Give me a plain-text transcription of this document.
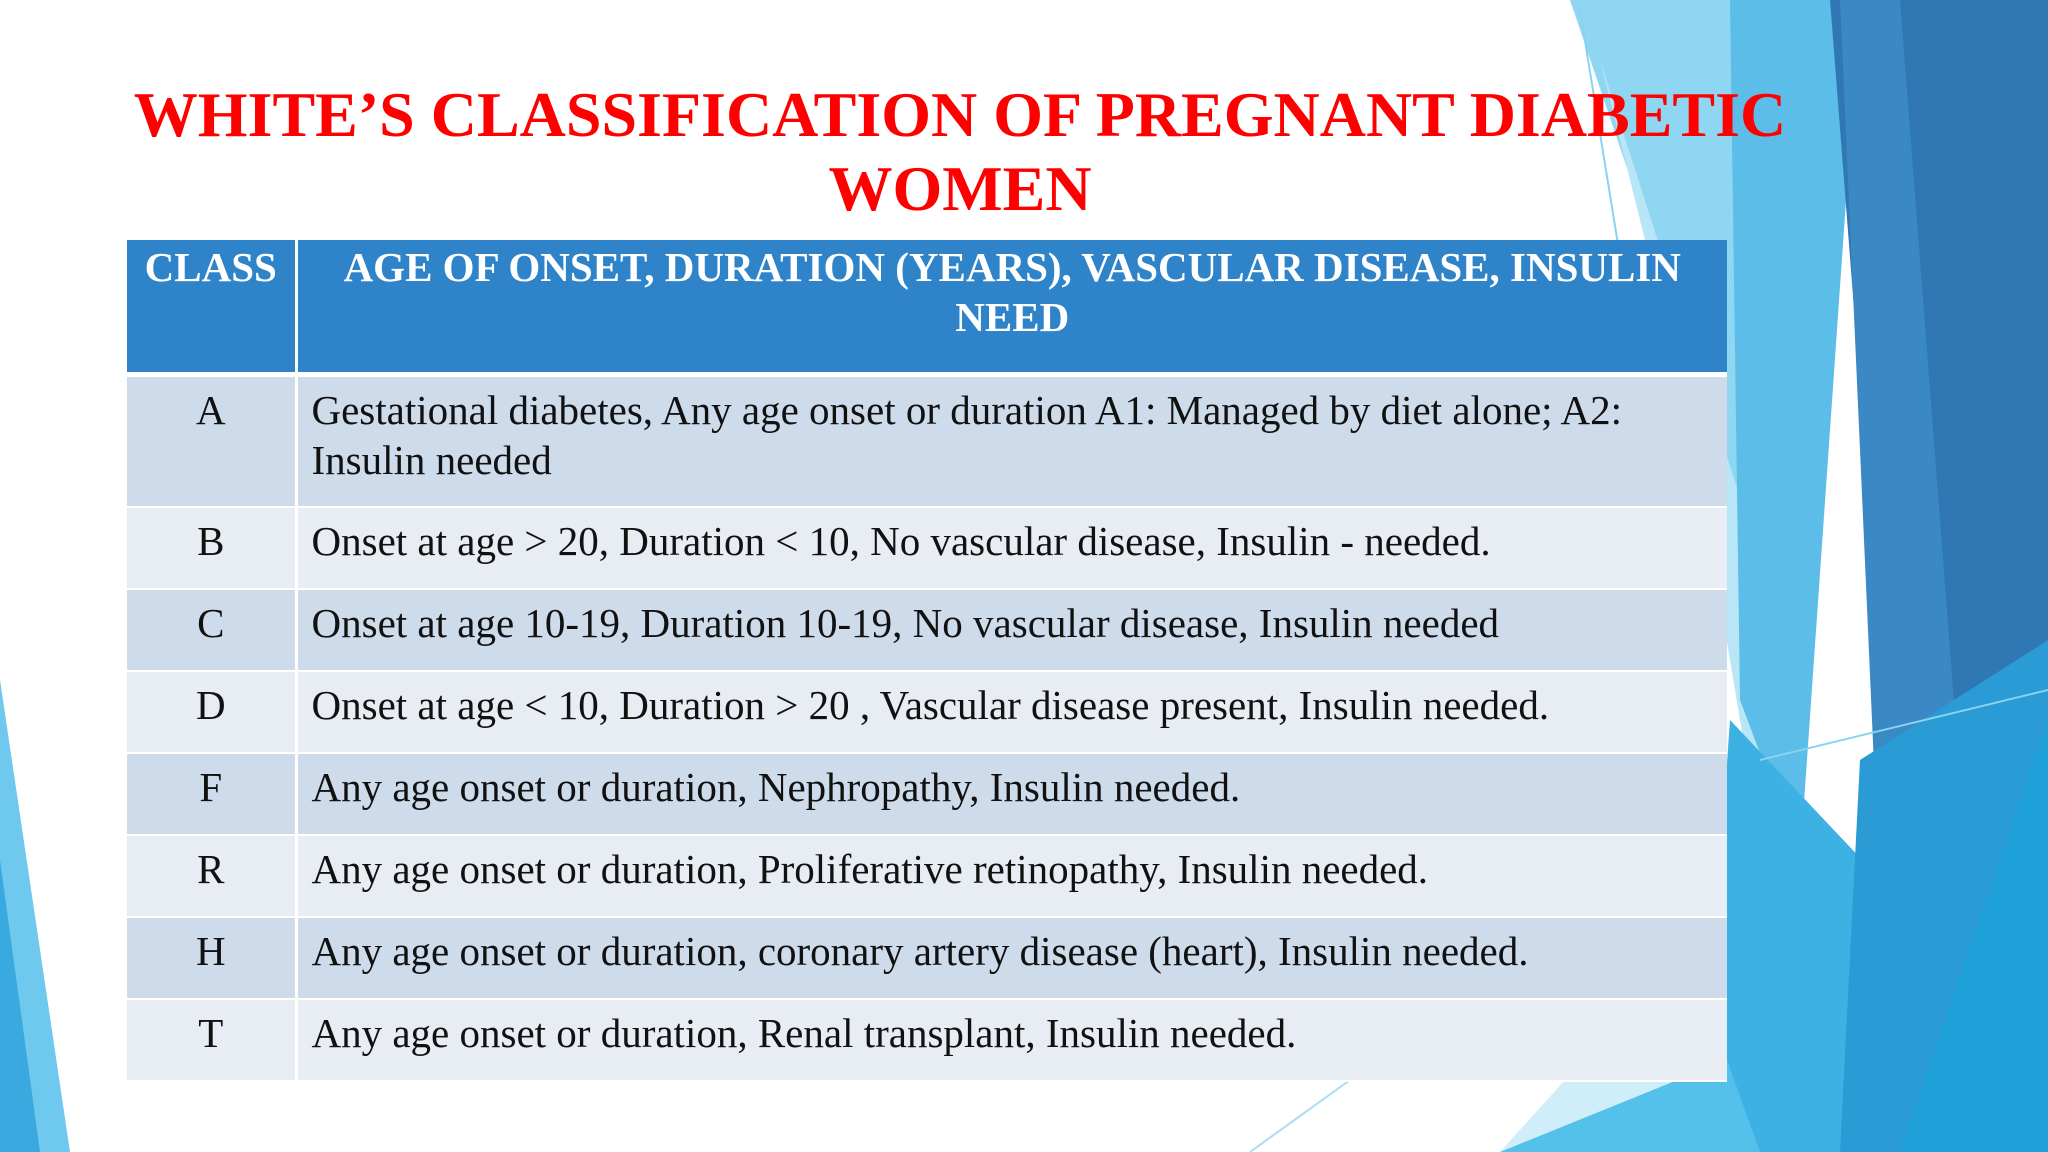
WHITE’S CLASSIFICATION OF PREGNANT DIABETIC
WOMEN
CLASS	AGE OF ONSET, DURATION (YEARS), VASCULAR DISEASE, INSULIN NEED
A	Gestational diabetes, Any age onset or duration A1: Managed by diet alone; A2: Insulin needed
B	Onset at age > 20, Duration < 10, No vascular disease, Insulin - needed.
C	Onset at age 10-19, Duration 10-19, No vascular disease, Insulin needed
D	Onset at age < 10, Duration > 20 , Vascular disease present, Insulin needed.
F	Any age onset or duration, Nephropathy, Insulin needed.
R	Any age onset or duration, Proliferative retinopathy, Insulin needed.
H	Any age onset or duration, coronary artery disease (heart), Insulin needed.
T	Any age onset or duration, Renal transplant, Insulin needed.
